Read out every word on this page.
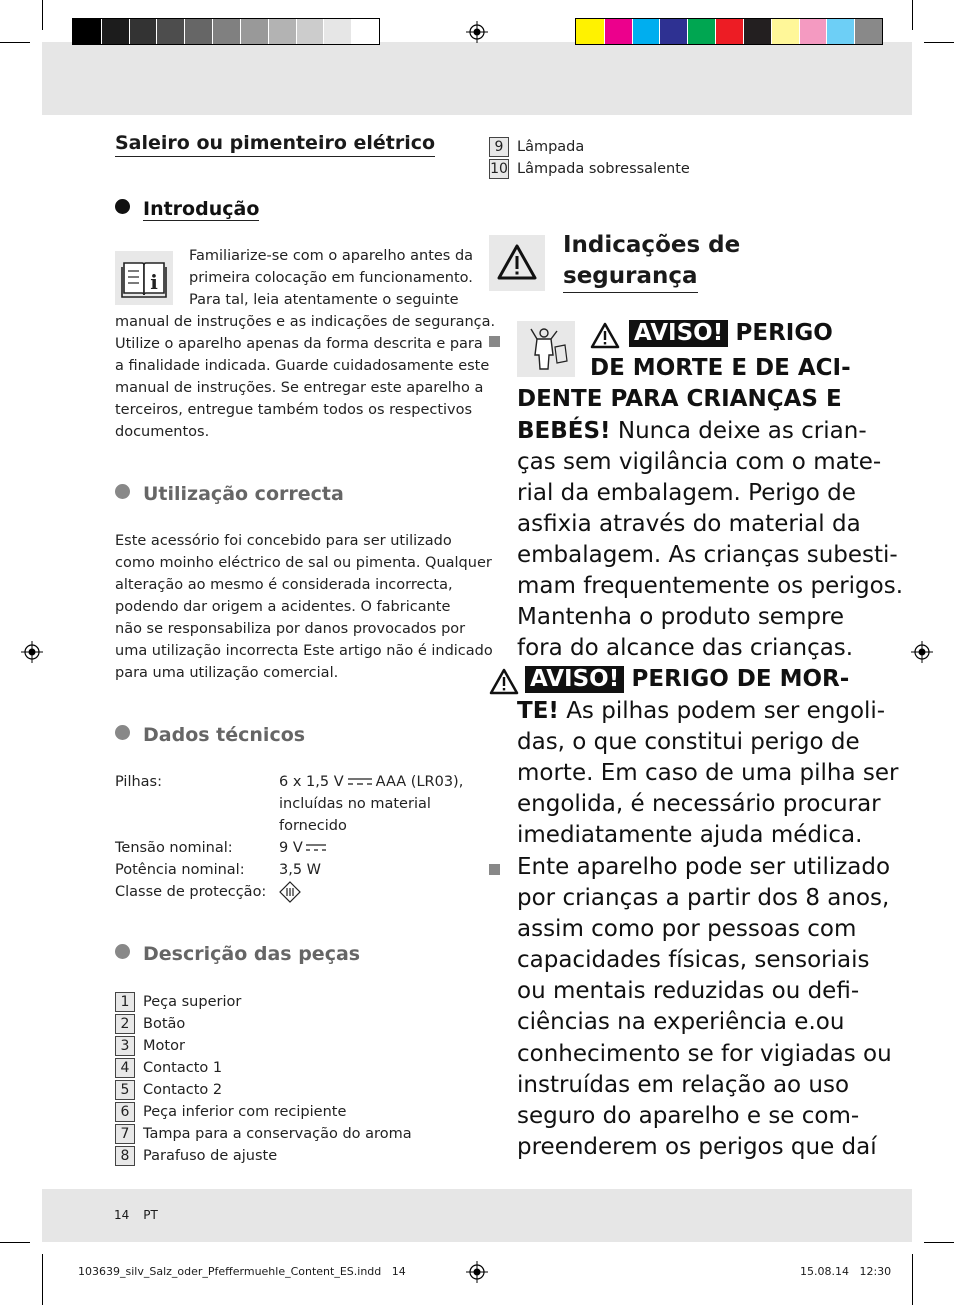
Saleiro ou pimenteiro elétrico
Introdução
i
Familiarize-se com o aparelho antes da
primeira colocação em funcionamento.
Para tal, leia atentamente o seguinte
manual de instruções e as indicações de segurança.
Utilize o aparelho apenas da forma descrita e para
a finalidade indicada. Guarde cuidadosamente este
manual de instruções. Se entregar este aparelho a
terceiros, entregue também todos os respectivos
documentos.
Utilização correcta
Este acessório foi concebido para ser utilizado
como moinho eléctrico de sal ou pimenta. Qualquer
alteração ao mesmo é considerada incorrecta,
podendo dar origem a acidentes. O fabricante
não se responsabiliza por danos provocados por
uma utilização incorrecta Este artigo não é indicado
para uma utilização comercial.
Dados técnicos
Pilhas:	6 x 1,5 V AAA (LR03),
incluídas no material
fornecido
Tensão nominal:	9 V
Potência nominal: 3,5 W
Classe de protecção:
Descrição das peças
1 Peça superior
2 Botão
3 Motor
4 Contacto 1
5 Contacto 2
6 Peça inferior com recipiente
7 Tampa para a conservação do aroma
8 Parafuso de ajuste
9 Lâmpada
10 Lâmpada sobressalente
Indicações de
segurança
AVISO! PERIGO
DE MORTE E DE ACI-
DENTE PARA CRIANÇAS E
BEBÉS! Nunca deixe as crian-
ças sem vigilância com o mate-
rial da embalagem. Perigo de
asfixia através do material da
embalagem. As crianças subesti-
mam frequentemente os perigos.
Mantenha o produto sempre
fora do alcance das crianças.
AVISO! PERIGO DE MOR-
TE! As pilhas podem ser engoli-
das, o que constitui perigo de
morte. Em caso de uma pilha ser
engolida, é necessário procurar
imediatamente ajuda médica.
Ente aparelho pode ser utilizado
por crianças a partir dos 8 anos,
assim como por pessoas com
capacidades físicas, sensoriais
ou mentais reduzidas ou defi-
ciências na experiência e.ou
conhecimento se for vigiadas ou
instruídas em relação ao uso
seguro do aparelho e se com-
preenderem os perigos que daí
14 PT
103639_silv_Salz_oder_Pfeffermuehle_Content_ES.indd   14	15.08.14   12:30
